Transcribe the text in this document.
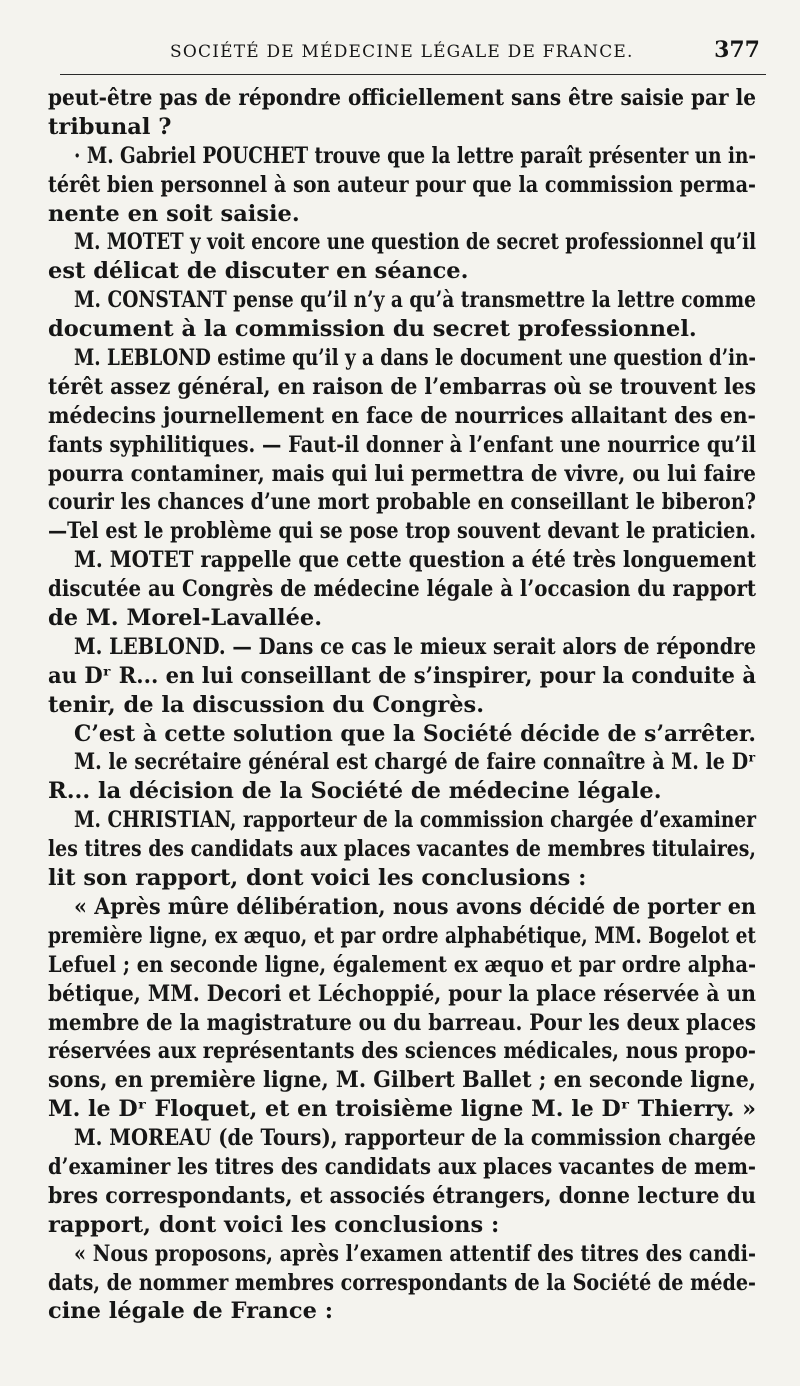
SOCIÉTÉ DE MÉDECINE LÉGALE DE FRANCE.	377
peut-être pas de répondre officiellement sans être saisie par le
tribunal ?
· M. Gabriel POUCHET trouve que la lettre paraît présenter un in-
térêt bien personnel à son auteur pour que la commission perma-
nente en soit saisie.
M. MOTET y voit encore une question de secret professionnel qu’il
est délicat de discuter en séance.
M. CONSTANT pense qu’il n’y a qu’à transmettre la lettre comme
document à la commission du secret professionnel.
M. LEBLOND estime qu’il y a dans le document une question d’in-
térêt assez général, en raison de l’embarras où se trouvent les
médecins journellement en face de nourrices allaitant des en-
fants syphilitiques. — Faut-il donner à l’enfant une nourrice qu’il
pourra contaminer, mais qui lui permettra de vivre, ou lui faire
courir les chances d’une mort probable en conseillant le biberon?
—Tel est le problème qui se pose trop souvent devant le praticien.
M. MOTET rappelle que cette question a été très longuement
discutée au Congrès de médecine légale à l’occasion du rapport
de M. Morel-Lavallée.
M. LEBLOND. — Dans ce cas le mieux serait alors de répondre
au Dʳ R... en lui conseillant de s’inspirer, pour la conduite à
tenir, de la discussion du Congrès.
C’est à cette solution que la Société décide de s’arrêter.
M. le secrétaire général est chargé de faire connaître à M. le Dʳ
R... la décision de la Société de médecine légale.
M. CHRISTIAN, rapporteur de la commission chargée d’examiner
les titres des candidats aux places vacantes de membres titulaires,
lit son rapport, dont voici les conclusions :
« Après mûre délibération, nous avons décidé de porter en
première ligne, ex æquo, et par ordre alphabétique, MM. Bogelot et
Lefuel ; en seconde ligne, également ex æquo et par ordre alpha-
bétique, MM. Decori et Léchoppié, pour la place réservée à un
membre de la magistrature ou du barreau. Pour les deux places
réservées aux représentants des sciences médicales, nous propo-
sons, en première ligne, M. Gilbert Ballet ; en seconde ligne,
M. le Dʳ Floquet, et en troisième ligne M. le Dʳ Thierry. »
M. MOREAU (de Tours), rapporteur de la commission chargée
d’examiner les titres des candidats aux places vacantes de mem-
bres correspondants, et associés étrangers, donne lecture du
rapport, dont voici les conclusions :
« Nous proposons, après l’examen attentif des titres des candi-
dats, de nommer membres correspondants de la Société de méde-
cine légale de France :
